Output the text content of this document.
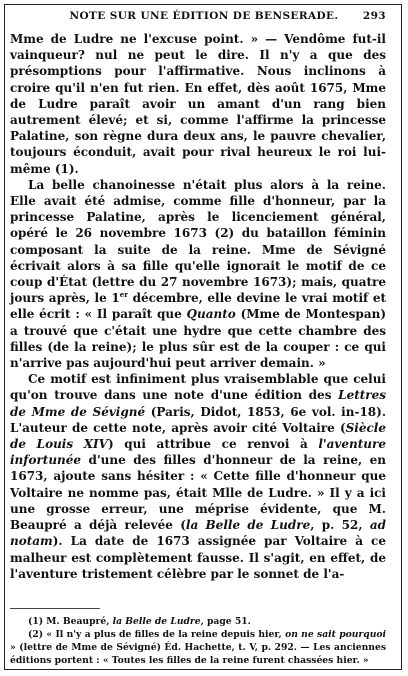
NOTE SUR UNE ÉDITION DE BENSERADE.	293

Mme de Ludre ne l'excuse point. » — Vendôme fut-il vainqueur? nul ne peut le dire. Il n'y a que des présomptions pour l'affirmative. Nous inclinons à croire qu'il n'en fut rien. En effet, dès août 1675, Mme de Ludre paraît avoir un amant d'un rang bien autrement élevé; et si, comme l'affirme la princesse Palatine, son règne dura deux ans, le pauvre chevalier, toujours éconduit, avait pour rival heureux le roi lui-même (1).

La belle chanoinesse n'était plus alors à la reine. Elle avait été admise, comme fille d'honneur, par la princesse Palatine, après le licenciement général, opéré le 26 novembre 1673 (2) du bataillon féminin composant la suite de la reine. Mme de Sévigné écrivait alors à sa fille qu'elle ignorait le motif de ce coup d'État (lettre du 27 novembre 1673); mais, quatre jours après, le 1er décembre, elle devine le vrai motif et elle écrit : « Il paraît que Quanto (Mme de Montespan) a trouvé que c'était une hydre que cette chambre des filles (de la reine); le plus sûr est de la couper : ce qui n'arrive pas aujourd'hui peut arriver demain. »

Ce motif est infiniment plus vraisemblable que celui qu'on trouve dans une note d'une édition des Lettres de Mme de Sévigné (Paris, Didot, 1853, 6e vol. in-18). L'auteur de cette note, après avoir cité Voltaire (Siècle de Louis XIV) qui attribue ce renvoi à l'aventure infortunée d'une des filles d'honneur de la reine, en 1673, ajoute sans hésiter : « Cette fille d'honneur que Voltaire ne nomme pas, était Mlle de Ludre. » Il y a ici une grosse erreur, une méprise évidente, que M. Beaupré a déjà relevée (la Belle de Ludre, p. 52, ad notam). La date de 1673 assignée par Voltaire à ce malheur est complètement fausse. Il s'agit, en effet, de l'aventure tristement célèbre par le sonnet de l'a-

(1) M. Beaupré, la Belle de Ludre, page 51.

(2) « Il n'y a plus de filles de la reine depuis hier, on ne sait pourquoi » (lettre de Mme de Sévigné) Éd. Hachette, t. V, p. 292. — Les anciennes éditions portent : « Toutes les filles de la reine furent chassées hier. »
